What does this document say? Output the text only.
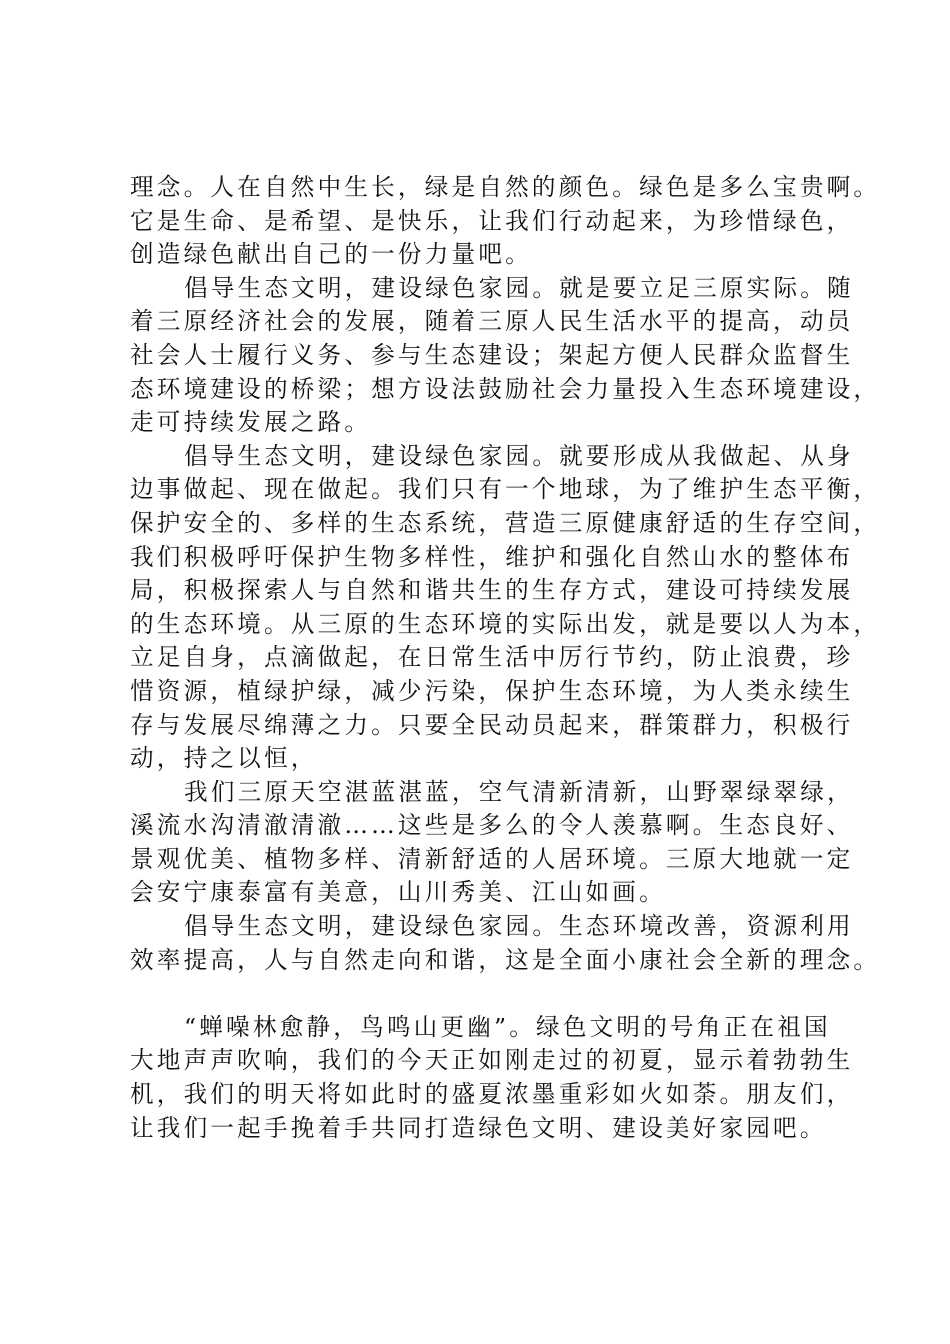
理念。人在自然中生长，绿是自然的颜色。绿色是多么宝贵啊。
它是生命、是希望、是快乐，让我们行动起来，为珍惜绿色，
创造绿色献出自己的一份力量吧。
倡导生态文明，建设绿色家园。就是要立足三原实际。随
着三原经济社会的发展，随着三原人民生活水平的提高，动员
社会人士履行义务、参与生态建设；架起方便人民群众监督生
态环境建设的桥梁；想方设法鼓励社会力量投入生态环境建设，
走可持续发展之路。
倡导生态文明，建设绿色家园。就要形成从我做起、从身
边事做起、现在做起。我们只有一个地球，为了维护生态平衡，
保护安全的、多样的生态系统，营造三原健康舒适的生存空间，
我们积极呼吁保护生物多样性，维护和强化自然山水的整体布
局，积极探索人与自然和谐共生的生存方式，建设可持续发展
的生态环境。从三原的生态环境的实际出发，就是要以人为本，
立足自身，点滴做起，在日常生活中厉行节约，防止浪费，珍
惜资源，植绿护绿，减少污染，保护生态环境，为人类永续生
存与发展尽绵薄之力。只要全民动员起来，群策群力，积极行
动，持之以恒，
我们三原天空湛蓝湛蓝，空气清新清新，山野翠绿翠绿，
溪流水沟清澈清澈……这些是多么的令人羡慕啊。生态良好、
景观优美、植物多样、清新舒适的人居环境。三原大地就一定
会安宁康泰富有美意，山川秀美、江山如画。
倡导生态文明，建设绿色家园。生态环境改善，资源利用
效率提高，人与自然走向和谐，这是全面小康社会全新的理念。
“蝉噪林愈静，鸟鸣山更幽”。绿色文明的号角正在祖国
大地声声吹响，我们的今天正如刚走过的初夏，显示着勃勃生
机，我们的明天将如此时的盛夏浓墨重彩如火如荼。朋友们，
让我们一起手挽着手共同打造绿色文明、建设美好家园吧。
